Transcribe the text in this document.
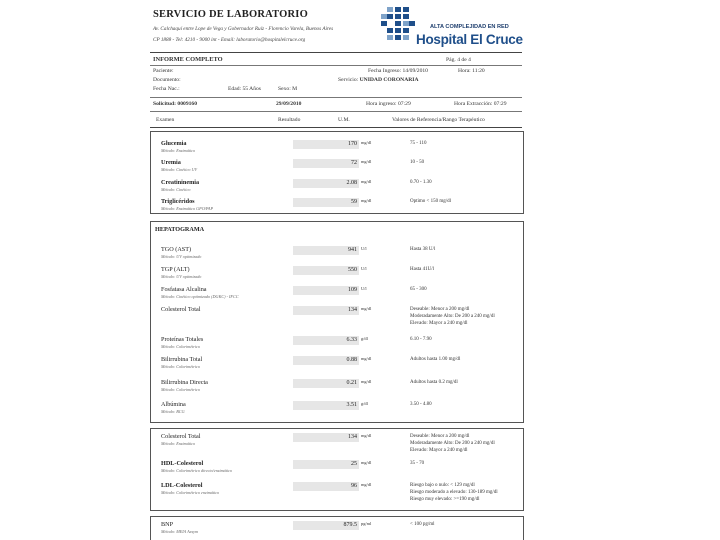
SERVICIO DE LABORATORIO
Av. Calchaquí entre Lope de Vega y Gobernador Ruíz - Florencio Varela, Buenos Aires
CP 1888 - Tel: 4210 - 9000 int - Email: laboratorio@hospitalelcruce.org
ALTA COMPLEJIDAD EN RED
Hospital El Cruce
INFORME COMPLETO	Pág. 4 de 4
Paciente:
Documento:
Fecha Nac.:	Edad: 55 Años	Sexo: M
Fecha Ingreso: 14/09/2010	Hora: 11:20
Servicio: UNIDAD CORONARIA
Solicitud: 0009160	29/09/2010	Hora ingreso: 07:29	Hora Extracción: 07:29
Examen	Resultado	U.M.	Valores de Referencia/Rango Terapéutico
Glucemia
Método: Enzimático
170 mg/dl	75 - 110
Uremia
Método: Cinético UV
72 mg/dl	10 - 50
Creatininemia
Método: Cinético
2.08 mg/dl	0.70 - 1.30
Triglicéridos
Método: Enzimático GPO/PAP
59 mg/dl	Optimo < 150 mg/dl
HEPATOGRAMA
TGO (AST)
Método: UV optimizado
941 U/l	Hasta 38 U/l
TGP (ALT)
Método: UV optimizado
550 U/l	Hasta 41U/l
Fosfatasa Alcalina
Método: Cinético optimizado (DGKC) - IFCC
109 U/l	65 - 300
Colesterol Total	134 mg/dl	Deseable: Menor a 200 mg/dl
Moderadamente Alto: De 200 a 240 mg/dl
Elevado: Mayor a 240 mg/dl
Proteínas Totales
Método: Colorimétrico
6.33 g/dl	6.10 - 7.90
Bilirrubina Total
Método: Colorimétrico
0.88 mg/dl	Adultos hasta 1.00 mg/dl
Bilirrubina Directa
Método: Colorimétrico
0.21 mg/dl	Adultos hasta 0.2 mg/dl
Albúmina
Método: BCG
3.51 g/dl	3.50 - 4.80
Colesterol Total
Método: Enzimático
134 mg/dl	Deseable: Menor a 200 mg/dl
Moderadamente Alto: De 200 a 240 mg/dl
Elevado: Mayor a 240 mg/dl
HDL-Colesterol
Método: Colorimétrico directo/enzimático
25 mg/dl	35 - 70
LDL-Colesterol
Método: Colorimétrico enzimático
96 mg/dl	Riesgo bajo o nulo: < 129 mg/dl
Riesgo moderado a elevado: 130-189 mg/dl
Riesgo muy elevado: >=190 mg/dl
BNP
Método: MEIA Axsym
879.5 pg/ml	< 100 pg/ml
